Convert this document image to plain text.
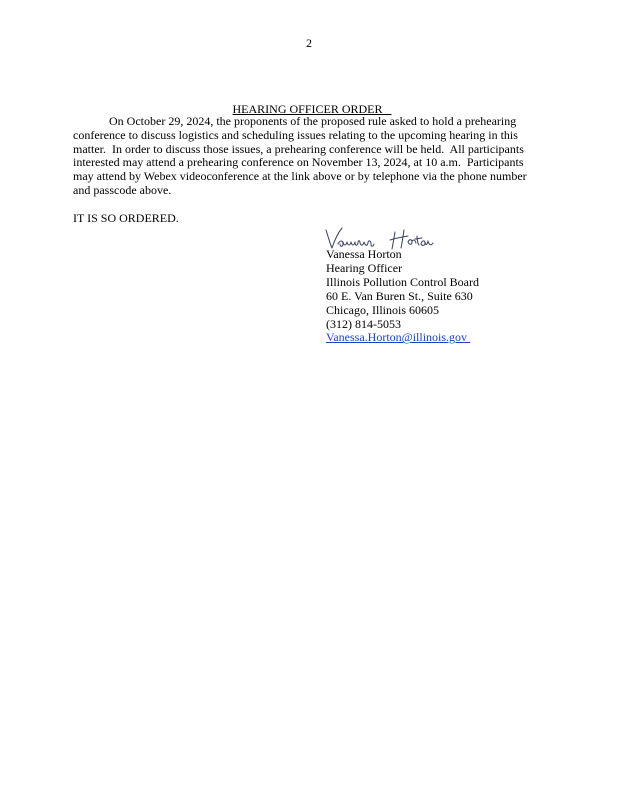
2

HEARING OFFICER ORDER

On October 29, 2024, the proponents of the proposed rule asked to hold a prehearing
conference to discuss logistics and scheduling issues relating to the upcoming hearing in this
matter.  In order to discuss those issues, a prehearing conference will be held.  All participants
interested may attend a prehearing conference on November 13, 2024, at 10 a.m.  Participants
may attend by Webex videoconference at the link above or by telephone via the phone number
and passcode above.
IT IS SO ORDERED.
Vanessa Horton
Hearing Officer
Illinois Pollution Control Board
60 E. Van Buren St., Suite 630
Chicago, Illinois 60605
(312) 814-5053
Vanessa.Horton@illinois.gov
